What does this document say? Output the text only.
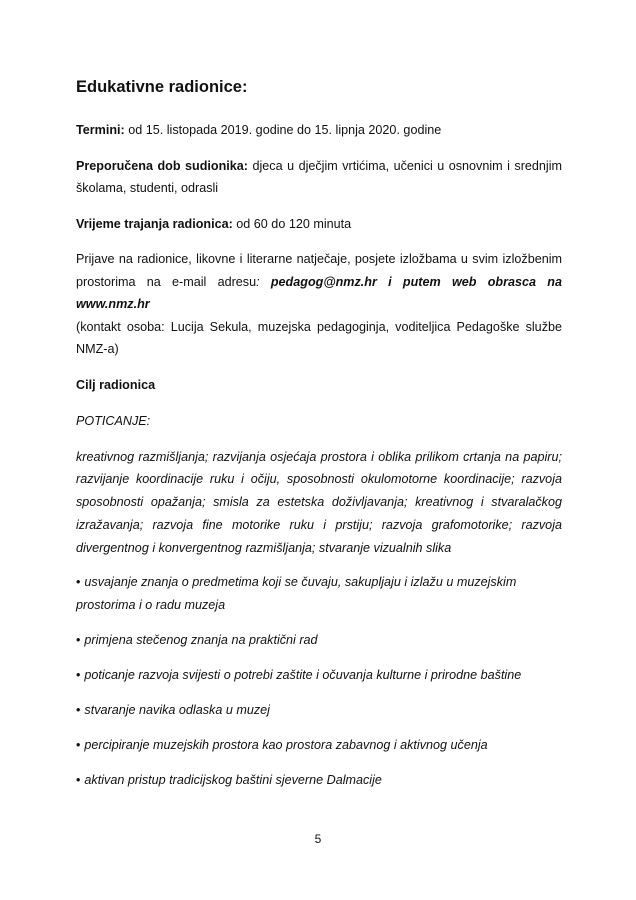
Edukativne radionice:

Termini: od 15. listopada 2019. godine do 15. lipnja 2020. godine

Preporučena dob sudionika: djeca u dječjim vrtićima, učenici u osnovnim i srednjim školama, studenti, odrasli

Vrijeme trajanja radionica: od 60 do 120 minuta

Prijave na radionice, likovne i literarne natječaje, posjete izložbama u svim izložbenim prostorima na e-mail adresu: pedagog@nmz.hr i putem web obrasca na www.nmz.hr
(kontakt osoba: Lucija Sekula, muzejska pedagoginja, voditeljica Pedagoške službe NMZ-a)

Cilj radionica
POTICANJE:

kreativnog razmišljanja; razvijanja osjećaja prostora i oblika prilikom crtanja na papiru; razvijanje koordinacije ruku i očiju, sposobnosti okulomotorne koordinacije; razvoja sposobnosti opažanja; smisla za estetska doživljavanja; kreativnog i stvaralačkog izražavanja; razvoja fine motorike ruku i prstiju; razvoja grafomotorike; razvoja divergentnog i konvergentnog razmišljanja; stvaranje vizualnih slika

• usvajanje znanja o predmetima koji se čuvaju, sakupljaju i izlažu u muzejskim prostorima i o radu muzeja
• primjena stečenog znanja na praktični rad
• poticanje razvoja svijesti o potrebi zaštite i očuvanja kulturne i prirodne baštine
• stvaranje navika odlaska u muzej
• percipiranje muzejskih prostora kao prostora zabavnog i aktivnog učenja
• aktivan pristup tradicijskog baštini sjeverne Dalmacije
5
